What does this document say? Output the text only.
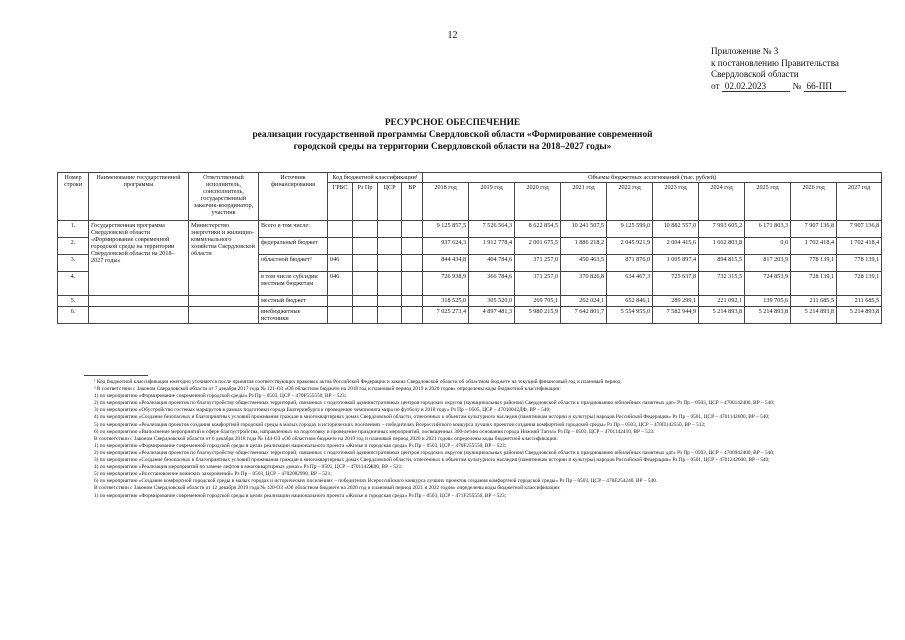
12
Приложение № 3
к постановлению Правительства
Свердловской области
от 02.02.2023	№ 66-ПП
РЕСУРСНОЕ ОБЕСПЕЧЕНИЕ
реализации государственной программы Свердловской области «Формирование современной
городской среды на территории Свердловской области на 2018–2027 годы»
Номер строки	Наименование государственной программы	Ответственный исполнитель, соисполнитель, государственный заказчик-координатор, участник	Источник финансирования	Код бюджетной классификации¹				Объемы бюджетных ассигнований (тыс. рублей)									
				ГРБС	Рз Пр	ЦСР	ВР	2018 год	2019 год	2020 год	2021 год	2022 год	2023 год	2024 год	2025 год	2026 год	2027 год
1.	Государственная программа Свердловской области «Формирование современной городской среды на территории Свердловской области на 2018–2027 годы»	Министерство энергетики и жилищно-коммунального хозяйства Свердловской области	Всего в том числе:					9 125 857,5	7 526 564,3	8 622 854,5	10 241 507,5	9 125 599,0	10 882 557,0	7 993 605,2	6 171 803,3	7 907 136,8	7 907 136,8
2.			федеральный бюджет					937 624,3	1 912 778,4	2 001 675,5	1 886 218,2	2 045 921,9	2 004 415,6	1 662 803,8	0,0	1 702 418,4	1 702 418,4
3.			областной бюджет²	046				844 434,8	404 784,6	371 257,0	450 463,5	871 876,0	1 005 897,4	894 815,5	817 203,9	778 139,1	778 139,1
4.			в том числе субсидии местным бюджетам	046				726 938,9	366 784,6	371 257,0	370 826,8	634 467,3	725 637,8	732 315,5	724 853,9	728 139,1	728 139,1
5.			местный бюджет					318 525,0	305 520,0	269 705,1	262 024,1	652 846,1	289 299,1	221 092,1	139 705,6	211 685,5	211 685,5
6.			внебюджетные источники					7 025 273,4	4 897 481,3	5 980 215,9	7 642 801,7	5 554 955,0	7 582 944,9	5 214 893,8	5 214 893,8	5 214 893,8	5 214 893,8

¹ Код бюджетной классификации ежегодно уточняется после принятия соответствующих правовых актов Российской Федерации и закона Свердловской области об областном бюджете на текущий финансовый год и плановый период.

² В соответствии с Законом Свердловской области от 7 декабря 2017 года № 121-ОЗ «Об областном бюджете на 2018 год и плановый период 2019 и 2020 годов» определены коды бюджетной классификации:

1) по мероприятию «Формирование современной городской среды» Рз Пр – 0503, ЦСР – 470F555550, ВР – 523;

2) по мероприятию «Реализация проектов по благоустройству общественных территорий, связанных с подготовкой административных центров городских округов (муниципальных районов) Свердловской области к празднованию юбилейных памятных дат» Рз Пр – 0503, ЦСР – 4700142400, ВР – 540;

3) по мероприятию «Обустройство гостевых маршрутов в рамках подготовки города Екатеринбурга к проведению чемпионата мира по футболу в 2018 году» Рз Пр – 0505, ЦСР – 47010042ДФ, ВР – 540;

4) по мероприятию «Создание безопасных и благоприятных условий проживания граждан в многоквартирных домах Свердловской области, отнесенных к объектам культурного наследия (памятникам истории и культуры) народов Российской Федерации» Рз Пр – 0501, ЦСР – 4701142600, ВР – 540;

5) по мероприятию «Реализация проектов создания комфортной городской среды в малых городах и исторических поселениях – победителях Всероссийского конкурса лучших проектов создания комфортной городской среды» Рз Пр – 0503, ЦСР – 470П142550, ВР – 512;

6) по мероприятию «Выполнение мероприятий в сфере благоустройства, направленных на подготовку и проведение праздничных мероприятий, посвященных 300-летию основания города Нижний Тагил» Рз Пр – 0503, ЦСР – 4701142410, ВР – 523.

В соответствии с Законом Свердловской области от 6 декабря 2018 года № 144-ОЗ «Об областном бюджете на 2019 год и плановый период 2020 и 2021 годов» определены коды бюджетной классификации:

1) по мероприятию «Формирование современной городской среды в целях реализации национального проекта «Жилье и городская среда» Рз Пр – 0503, ЦСР – 470F255550, ВР – 523;

2) по мероприятию «Реализация проектов по благоустройству общественных территорий, связанных с подготовкой административных центров городских округов (муниципальных районов) Свердловской области к празднованию юбилейных памятных дат» Рз Пр – 0503, ЦСР – 4700942400, ВР – 540;

3) по мероприятию «Создание безопасных и благоприятных условий проживания граждан в многоквартирных домах Свердловской области, отнесенных к объектам культурного наследия (памятникам истории и культуры) народов Российской Федерации» Рз Пр – 0501, ЦСР – 4701242600, ВР – 540;

4) по мероприятию «Реализация мероприятий по замене лифтов в многоквартирных домах» Рз Пр – 0501, ЦСР – 4701142Ж00, ВР – 521;

5) по мероприятию «Восстановление воинских захоронений» Рз Пр – 0503, ЦСР – 4702082990, ВР – 521;

6) по мероприятию «Создание комфортной городской среды в малых городах и исторических поселениях – победителях Всероссийского конкурса лучших проектов создания комфортной городской среды» Рз Пр – 0503, ЦСР – 470Е254240, ВР – 540.

В соответствии с Законом Свердловской области от 12 декабря 2019 года № 120-ОЗ «Об областном бюджете на 2020 год и плановый период 2021 и 2022 годов» определены коды бюджетной классификации:

1) по мероприятию «Формирование современной городской среды в целях реализации национального проекта «Жилье и городская среда» Рз Пр – 0503, ЦСР – 471F255550, ВР – 523;
